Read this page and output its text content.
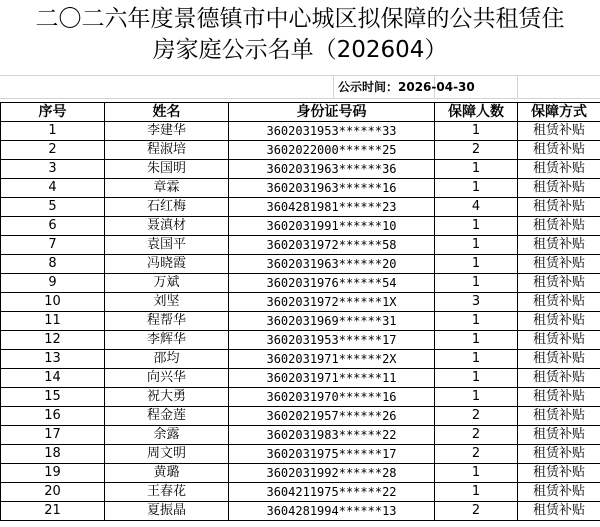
二〇二六年度景德镇市中心城区拟保障的公共租赁住
房家庭公示名单（202604）
公示时间：2026-04-30
序号	姓名	身份证号码	保障人数	保障方式
1	李建华	3602031953******33	1	租赁补贴
2	程淑培	3602022000******25	2	租赁补贴
3	朱国明	3602031963******36	1	租赁补贴
4	章霖	3602031963******16	1	租赁补贴
5	石红梅	3604281981******23	4	租赁补贴
6	聂滇材	3602031991******10	1	租赁补贴
7	袁国平	3602031972******58	1	租赁补贴
8	冯晓霞	3602031963******20	1	租赁补贴
9	万斌	3602031976******54	1	租赁补贴
10	刘坚	3602031972******1X	3	租赁补贴
11	程帮华	3602031969******31	1	租赁补贴
12	李辉华	3602031953******17	1	租赁补贴
13	邵均	3602031971******2X	1	租赁补贴
14	向兴华	3602031971******11	1	租赁补贴
15	祝大勇	3602031970******16	1	租赁补贴
16	程金莲	3602021957******26	2	租赁补贴
17	余露	3602031983******22	2	租赁补贴
18	周文明	3602031975******17	2	租赁补贴
19	黄璐	3602031992******28	1	租赁补贴
20	王春花	3604211975******22	1	租赁补贴
21	夏振晶	3604281994******13	2	租赁补贴
